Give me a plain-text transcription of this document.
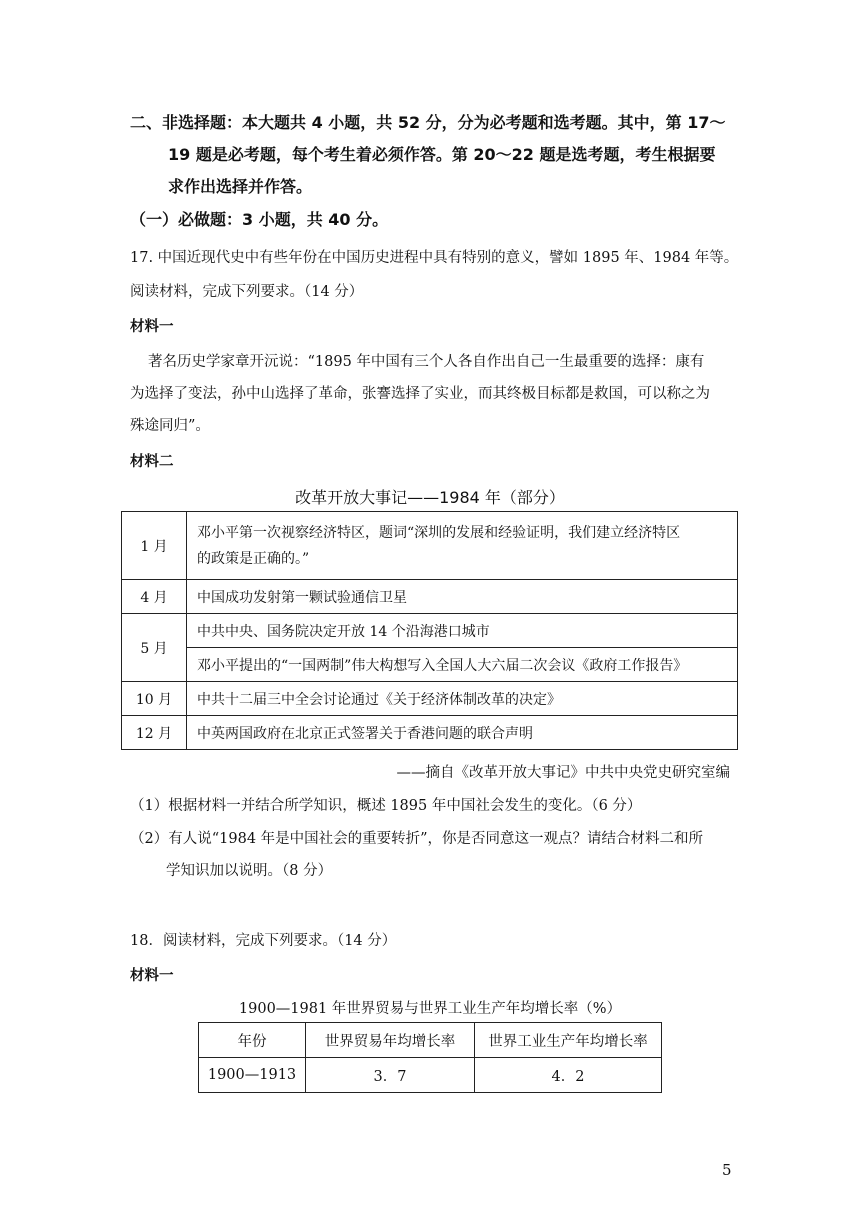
二、非选择题：本大题共 4 小题，共 52 分，分为必考题和选考题。其中，第 17～
19 题是必考题，每个考生着必须作答。第 20～22 题是选考题，考生根据要
求作出选择并作答。
（一）必做题：3 小题，共 40 分。
17. 中国近现代史中有些年份在中国历史进程中具有特别的意义，譬如 1895 年、1984 年等。
阅读材料，完成下列要求。（14 分）
材料一
著名历史学家章开沅说：“1895 年中国有三个人各自作出自己一生最重要的选择：康有
为选择了变法，孙中山选择了革命，张謇选择了实业，而其终极目标都是救国，可以称之为
殊途同归”。
材料二
改革开放大事记——1984 年（部分）
1 月	邓小平第一次视察经济特区，题词“深圳的发展和经验证明，我们建立经济特区
的政策是正确的。”

4 月	中国成功发射第一颗试验通信卫星
5 月	中共中央、国务院决定开放 14 个沿海港口城市
	邓小平提出的“一国两制”伟大构想写入全国人大六届二次会议《政府工作报告》
10 月	中共十二届三中全会讨论通过《关于经济体制改革的决定》
12 月	中英两国政府在北京正式签署关于香港问题的联合声明
——摘自《改革开放大事记》中共中央党史研究室编
（1）根据材料一并结合所学知识，概述 1895 年中国社会发生的变化。（6 分）
（2）有人说“1984 年是中国社会的重要转折”，你是否同意这一观点？请结合材料二和所
学知识加以说明。（8 分）
18．阅读材料，完成下列要求。（14 分）
材料一
1900—1981 年世界贸易与世界工业生产年均增长率（%）
年份	世界贸易年均增长率	世界工业生产年均增长率
1900—1913	3．7	4．2
5
